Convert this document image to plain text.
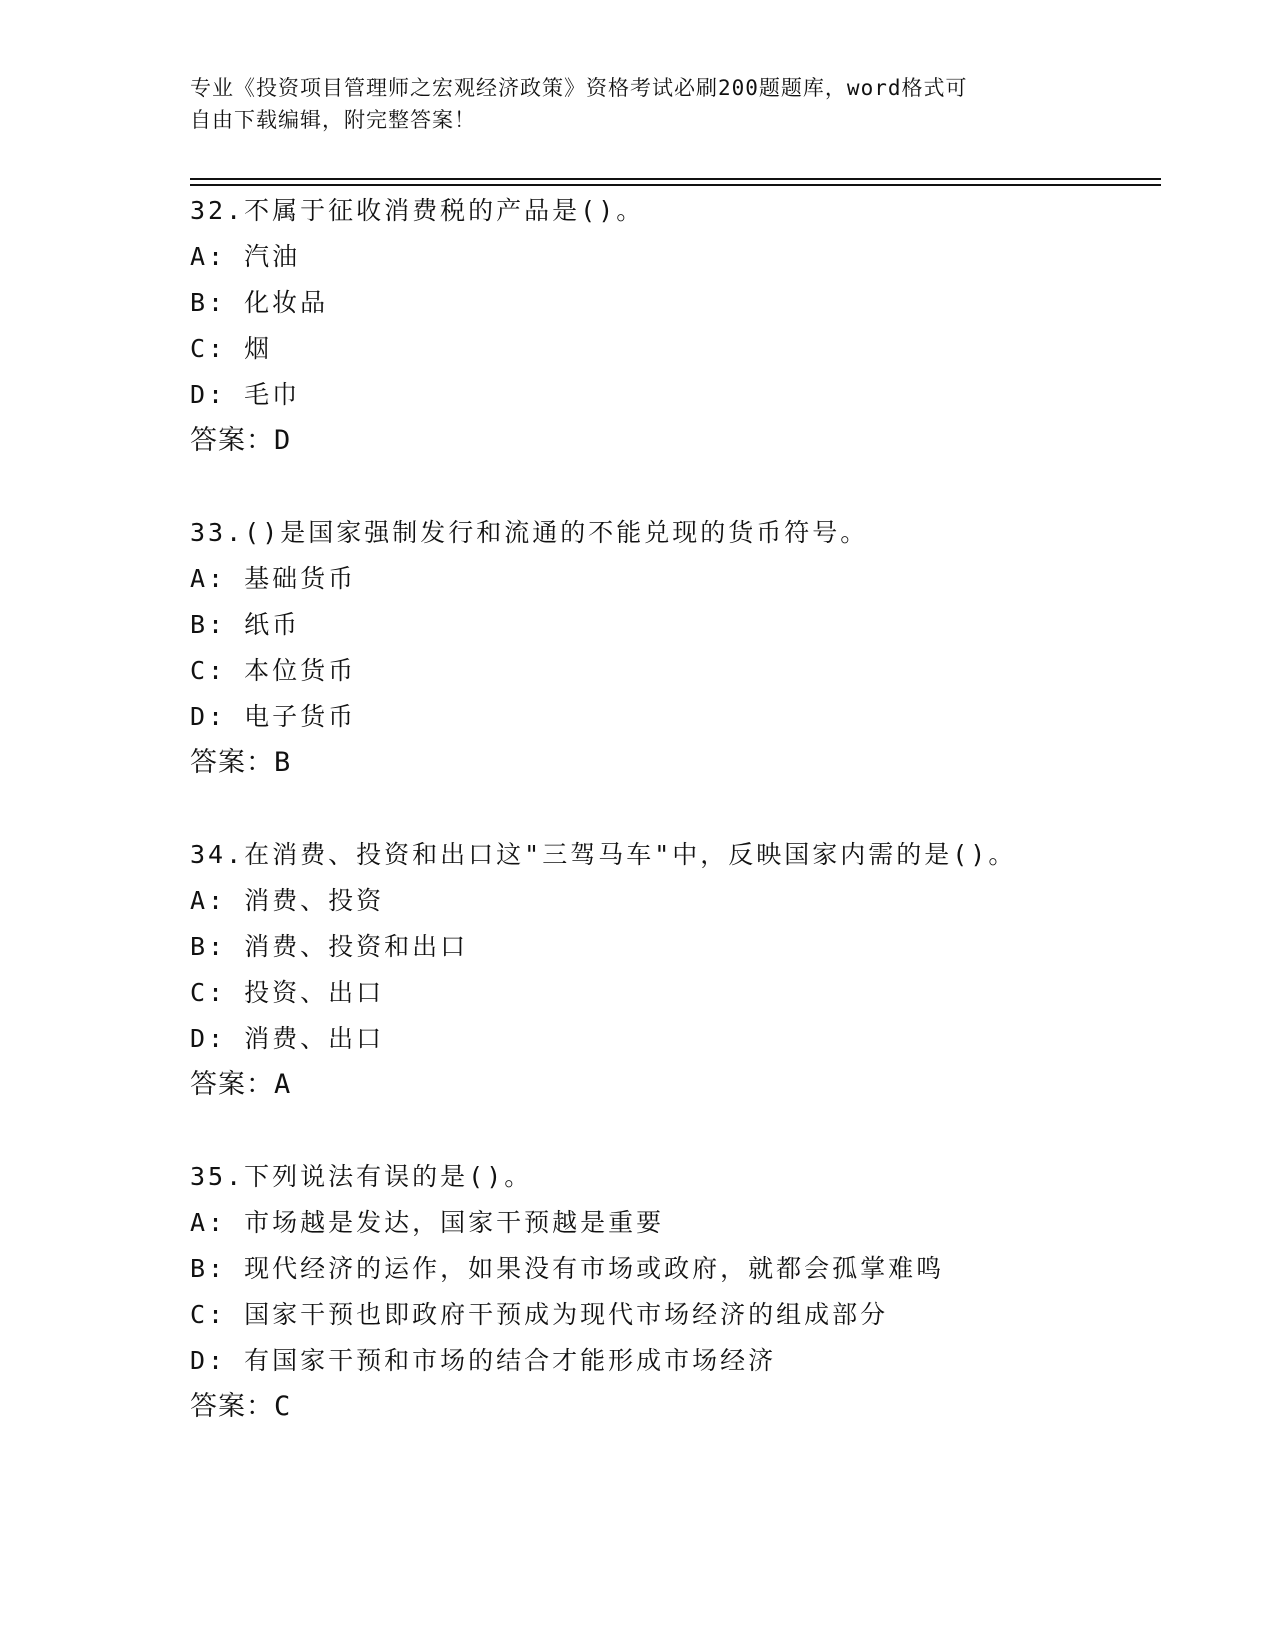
专业《投资项目管理师之宏观经济政策》资格考试必刷200题题库，word格式可
自由下载编辑，附完整答案！
32.不属于征收消费税的产品是()。
A: 汽油
B: 化妆品
C: 烟
D: 毛巾
答案：D
33.()是国家强制发行和流通的不能兑现的货币符号。
A: 基础货币
B: 纸币
C: 本位货币
D: 电子货币
答案：B
34.在消费、投资和出口这"三驾马车"中，反映国家内需的是()。
A: 消费、投资
B: 消费、投资和出口
C: 投资、出口
D: 消费、出口
答案：A
35.下列说法有误的是()。
A: 市场越是发达，国家干预越是重要
B: 现代经济的运作，如果没有市场或政府，就都会孤掌难鸣
C: 国家干预也即政府干预成为现代市场经济的组成部分
D: 有国家干预和市场的结合才能形成市场经济
答案：C
